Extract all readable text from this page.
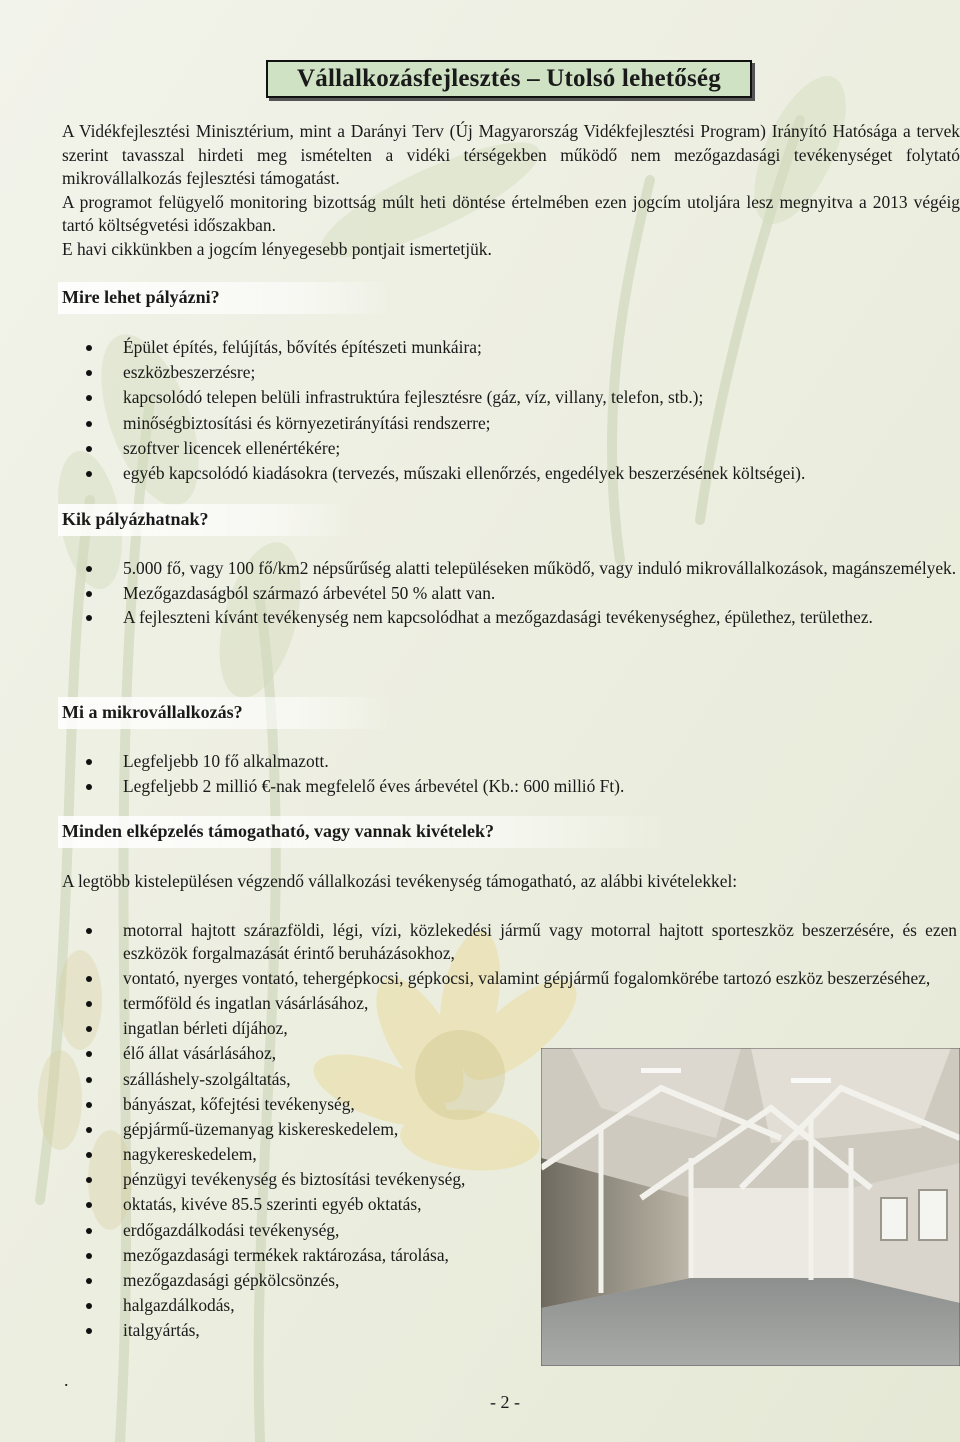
Vállalkozásfejlesztés – Utolsó lehetőség

A Vidékfejlesztési Minisztérium, mint a Darányi Terv (Új Magyarország Vidékfejlesztési Program) Irányító Hatósága a tervek szerint tavasszal hirdeti meg ismételten a vidéki térségekben működő nem mezőgazdasági tevékenységet folytató mikrovállalkozás fejlesztési támogatást.

A programot felügyelő monitoring bizottság múlt heti döntése értelmében ezen jogcím utoljára lesz megnyitva a 2013 végéig tartó költségvetési időszakban.

E havi cikkünkben a jogcím lényegesebb pontjait ismertetjük.

Mire lehet pályázni?
Épület építés, felújítás, bővítés építészeti munkáira;
eszközbeszerzésre;
kapcsolódó telepen belüli infrastruktúra fejlesztésre (gáz, víz, villany, telefon, stb.);
minőségbiztosítási és környezetirányítási rendszerre;
szoftver licencek ellenértékére;
egyéb kapcsolódó kiadásokra (tervezés, műszaki ellenőrzés, engedélyek beszerzésének költségei).
Kik pályázhatnak?
5.000 fő, vagy 100 fő/km2 népsűrűség alatti településeken működő, vagy induló mikrovállalkozások, magánszemélyek.
Mezőgazdaságból származó árbevétel 50 % alatt van.
A fejleszteni kívánt tevékenység nem kapcsolódhat a mezőgazdasági tevékenységhez, épülethez, területhez.
Mi a mikrovállalkozás?
Legfeljebb 10 fő alkalmazott.
Legfeljebb 2 millió €-nak megfelelő éves árbevétel (Kb.: 600 millió Ft).
Minden elképzelés támogatható, vagy vannak kivételek?

A legtöbb kistelepülésen végzendő vállalkozási tevékenység támogatható, az alábbi kivételekkel:

motorral hajtott szárazföldi, légi, vízi, közlekedési jármű vagy motorral hajtott sporteszköz beszerzésére, és ezen eszközök forgalmazását érintő beruházásokhoz,
vontató, nyerges vontató, tehergépkocsi, gépkocsi, valamint gépjármű fogalomkörébe tartozó eszköz beszerzéséhez,
termőföld és ingatlan vásárlásához,
ingatlan bérleti díjához,
élő állat vásárlásához,
szálláshely-szolgáltatás,
bányászat, kőfejtési tevékenység,
gépjármű-üzemanyag kiskereskedelem,
nagykereskedelem,
pénzügyi tevékenység és biztosítási tevékenység,
oktatás, kivéve 85.5 szerinti egyéb oktatás,
erdőgazdálkodási tevékenység,
mezőgazdasági termékek raktározása, tárolása,
mezőgazdasági gépkölcsönzés,
halgazdálkodás,
italgyártás,
.
- 2 -
